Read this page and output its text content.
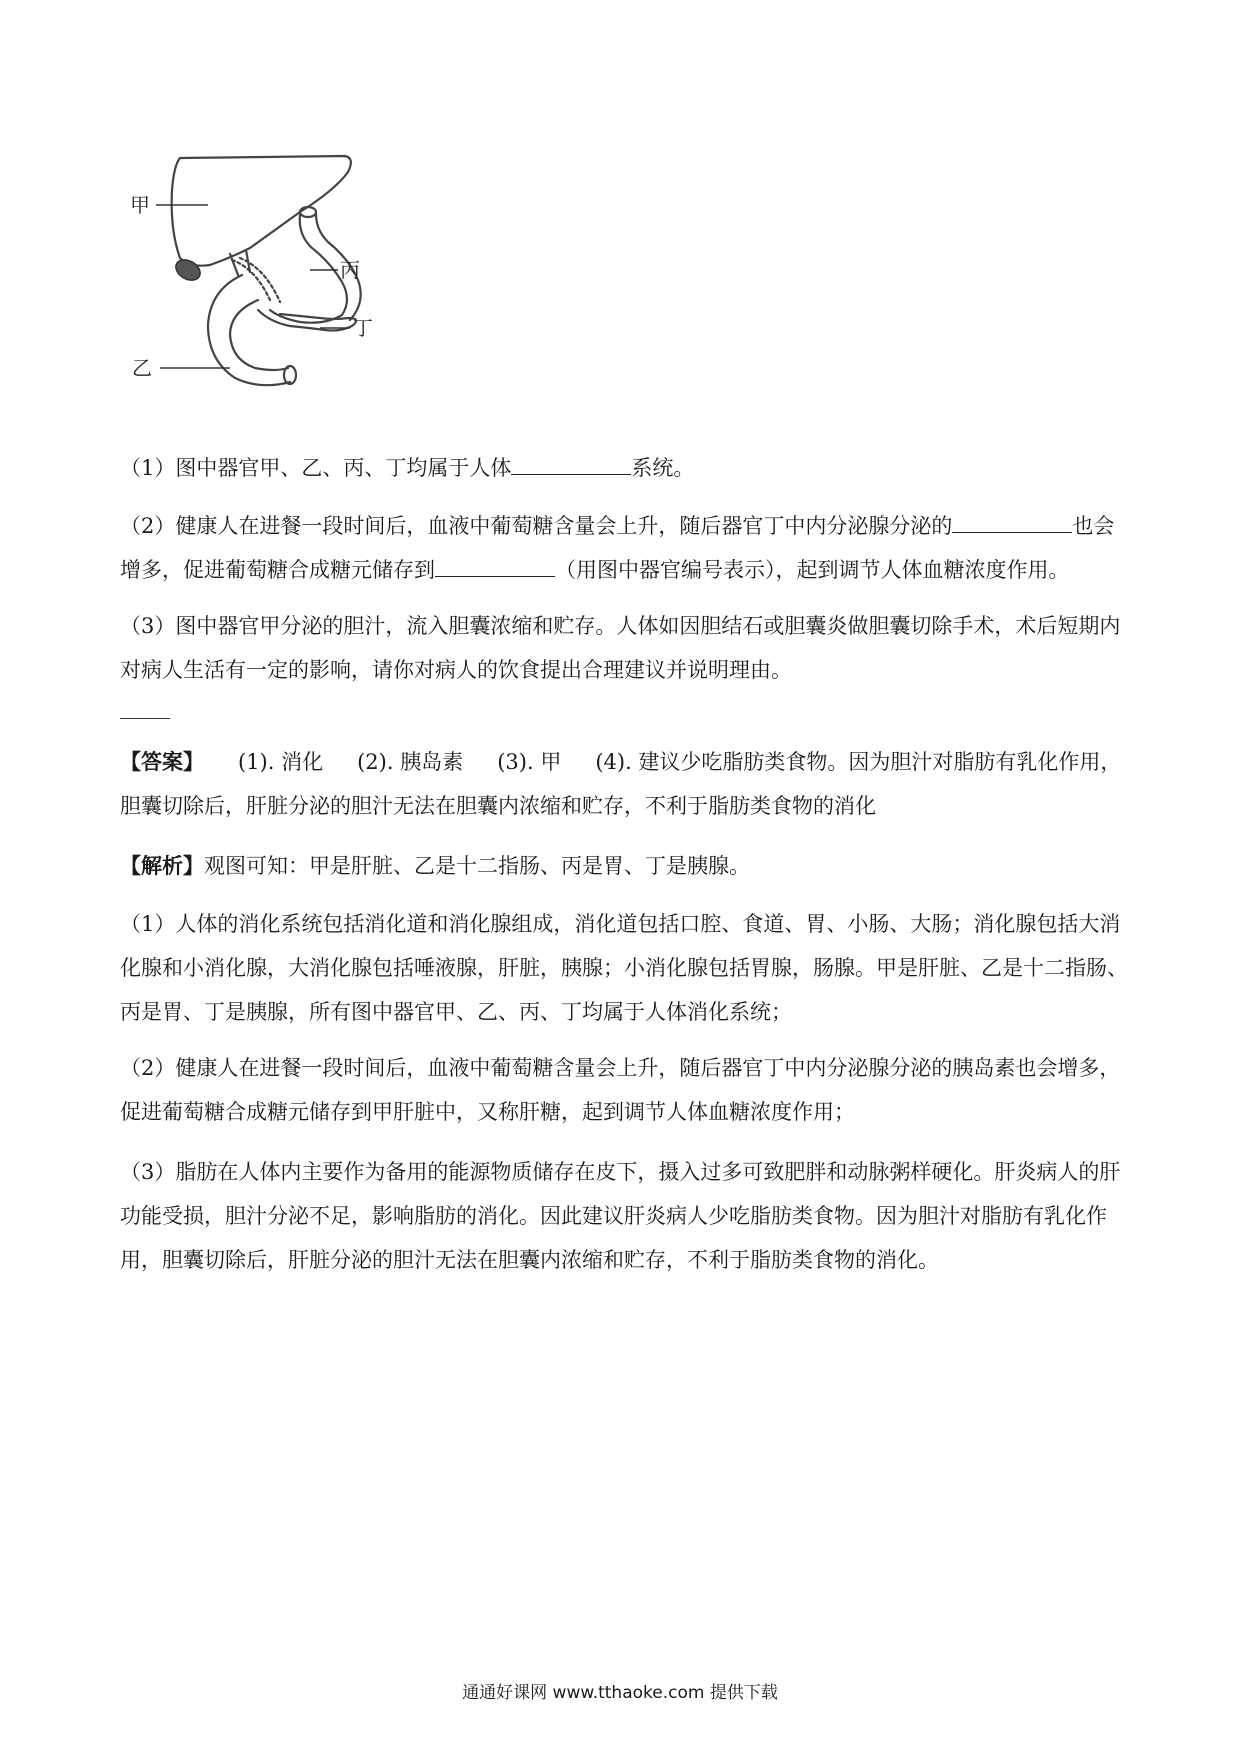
甲
丙
丁
乙
（1）图中器官甲、乙、丙、丁均属于人体	系统。
（2）健康人在进餐一段时间后，血液中葡萄糖含量会上升，随后器官丁中内分泌腺分泌的	也会增多，促进葡萄糖合成糖元储存到	（用图中器官编号表示），起到调节人体血糖浓度作用。
（3）图中器官甲分泌的胆汁，流入胆囊浓缩和贮存。人体如因胆结石或胆囊炎做胆囊切除手术，术后短期内对病人生活有一定的影响，请你对病人的饮食提出合理建议并说明理由。
【答案】 (1). 消化 (2). 胰岛素 (3). 甲 (4). 建议少吃脂肪类食物。因为胆汁对脂肪有乳化作用，胆囊切除后，肝脏分泌的胆汁无法在胆囊内浓缩和贮存，不利于脂肪类食物的消化
【解析】观图可知：甲是肝脏、乙是十二指肠、丙是胃、丁是胰腺。
（1）人体的消化系统包括消化道和消化腺组成，消化道包括口腔、食道、胃、小肠、大肠；消化腺包括大消化腺和小消化腺，大消化腺包括唾液腺，肝脏，胰腺；小消化腺包括胃腺，肠腺。甲是肝脏、乙是十二指肠、丙是胃、丁是胰腺，所有图中器官甲、乙、丙、丁均属于人体消化系统；
（2）健康人在进餐一段时间后，血液中葡萄糖含量会上升，随后器官丁中内分泌腺分泌的胰岛素也会增多，促进葡萄糖合成糖元储存到甲肝脏中，又称肝糖，起到调节人体血糖浓度作用；
（3）脂肪在人体内主要作为备用的能源物质储存在皮下，摄入过多可致肥胖和动脉粥样硬化。肝炎病人的肝功能受损，胆汁分泌不足，影响脂肪的消化。因此建议肝炎病人少吃脂肪类食物。因为胆汁对脂肪有乳化作用，胆囊切除后，肝脏分泌的胆汁无法在胆囊内浓缩和贮存，不利于脂肪类食物的消化。
通通好课网 www.tthaoke.com 提供下载
